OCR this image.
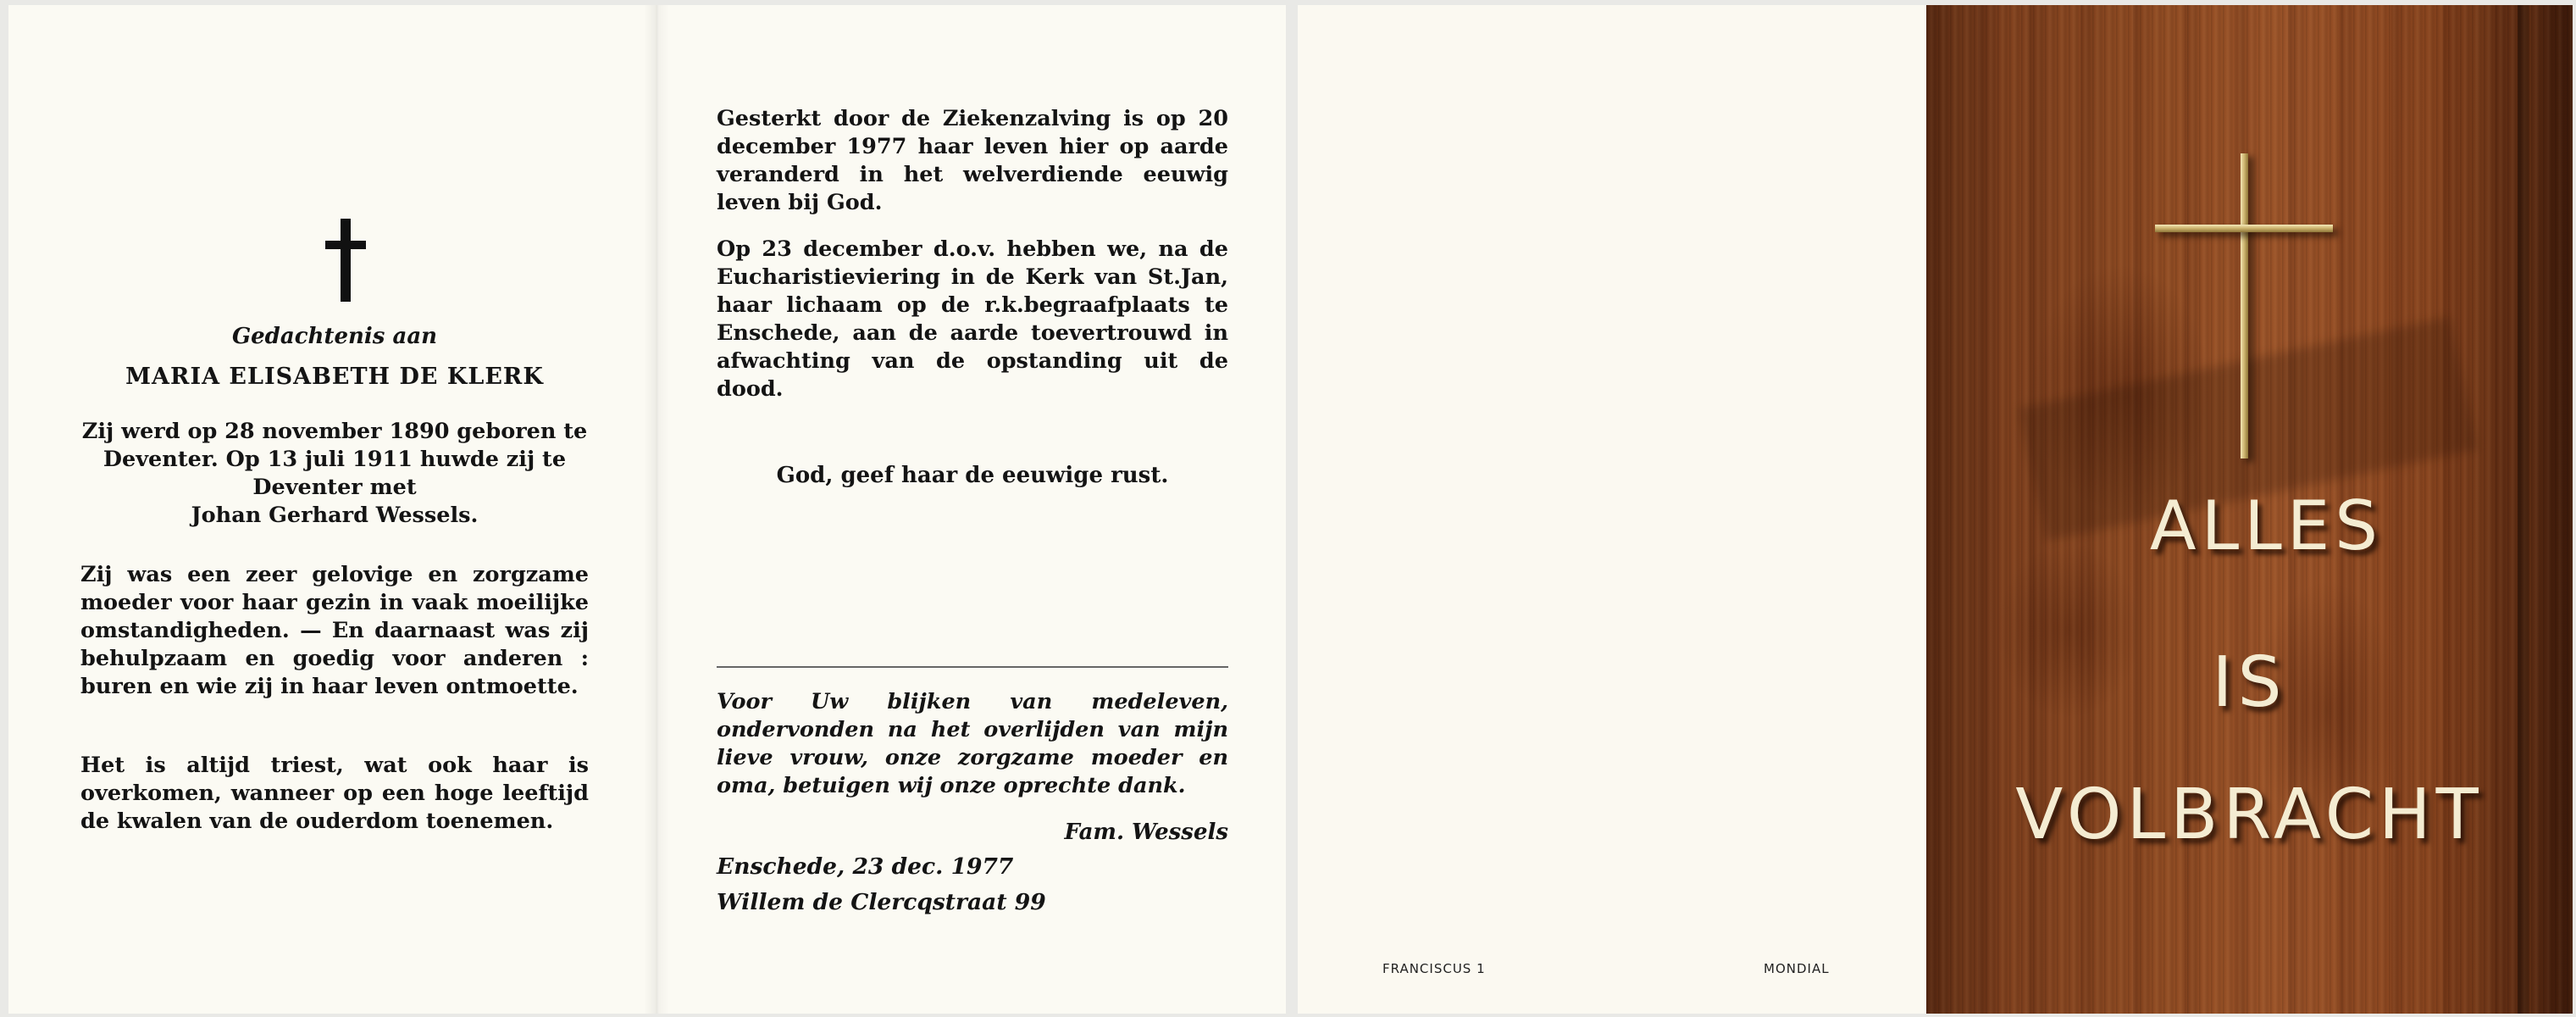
Gedachtenis aan
MARIA ELISABETH DE KLERK
Zij werd op 28 november 1890 geboren te Deventer. Op 13 juli 1911 huwde zij te Deventer met
Johan Gerhard Wessels.
Zij was een zeer gelovige en zorgzame moeder voor haar gezin in vaak moeilijke omstandigheden. — En daarnaast was zij behulpzaam en goedig voor anderen : buren en wie zij in haar leven ontmoette.
Het is altijd triest, wat ook haar is overkomen, wanneer op een hoge leeftijd de kwalen van de ouderdom toenemen.
Gesterkt door de Ziekenzalving is op 20 december 1977 haar leven hier op aarde veranderd in het welverdiende eeuwig leven bij God.
Op 23 december d.o.v. hebben we, na de Eucharistieviering in de Kerk van St.Jan, haar lichaam op de r.k.begraafplaats te Enschede, aan de aarde toevertrouwd in afwachting van de opstanding uit de dood.
God, geef haar de eeuwige rust.
Voor Uw blijken van medeleven, ondervonden na het overlijden van mijn lieve vrouw, onze zorgzame moeder en oma, betuigen wij onze oprechte dank.
Fam. Wessels
Enschede, 23 dec. 1977
Willem de Clercqstraat 99
FRANCISCUS 1	MONDIAL
ALLES
IS
VOLBRACHT
